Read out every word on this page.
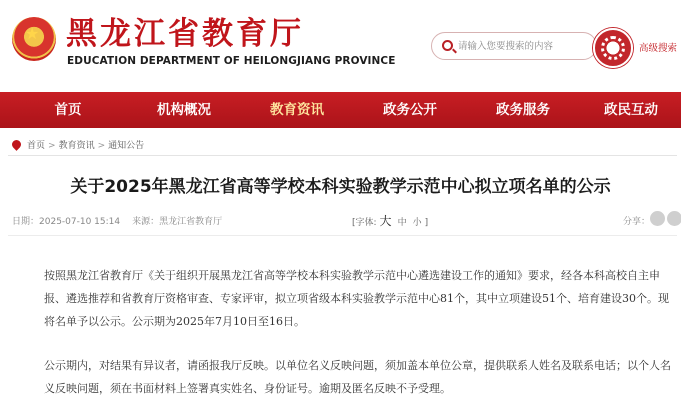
★ 黑龙江省教育厅
EDUCATION DEPARTMENT OF HEILONGJIANG PROVINCE
请输入您要搜索的内容
高级搜索
首页	机构概况	教育资讯	政务公开	政务服务	政民互动
首页 > 教育资讯 > 通知公告
关于2025年黑龙江省高等学校本科实验教学示范中心拟立项名单的公示
日期：2025-07-10 15:14 来源：黑龙江省教育厅	[字体: 大 中 小 ]	分享：
按照黑龙江省教育厅《关于组织开展黑龙江省高等学校本科实验教学示范中心遴选建设工作的通知》要求，经各本科高校自主申报、遴选推荐和省教育厅资格审查、专家评审，拟立项省级本科实验教学示范中心81个，其中立项建设51个、培育建设30个。现将名单予以公示。公示期为2025年7月10日至16日。
公示期内，对结果有异议者，请函报我厅反映。以单位名义反映问题，须加盖本单位公章，提供联系人姓名及联系电话；以个人名义反映问题，须在书面材料上签署真实姓名、身份证号。逾期及匿名反映不予受理。
